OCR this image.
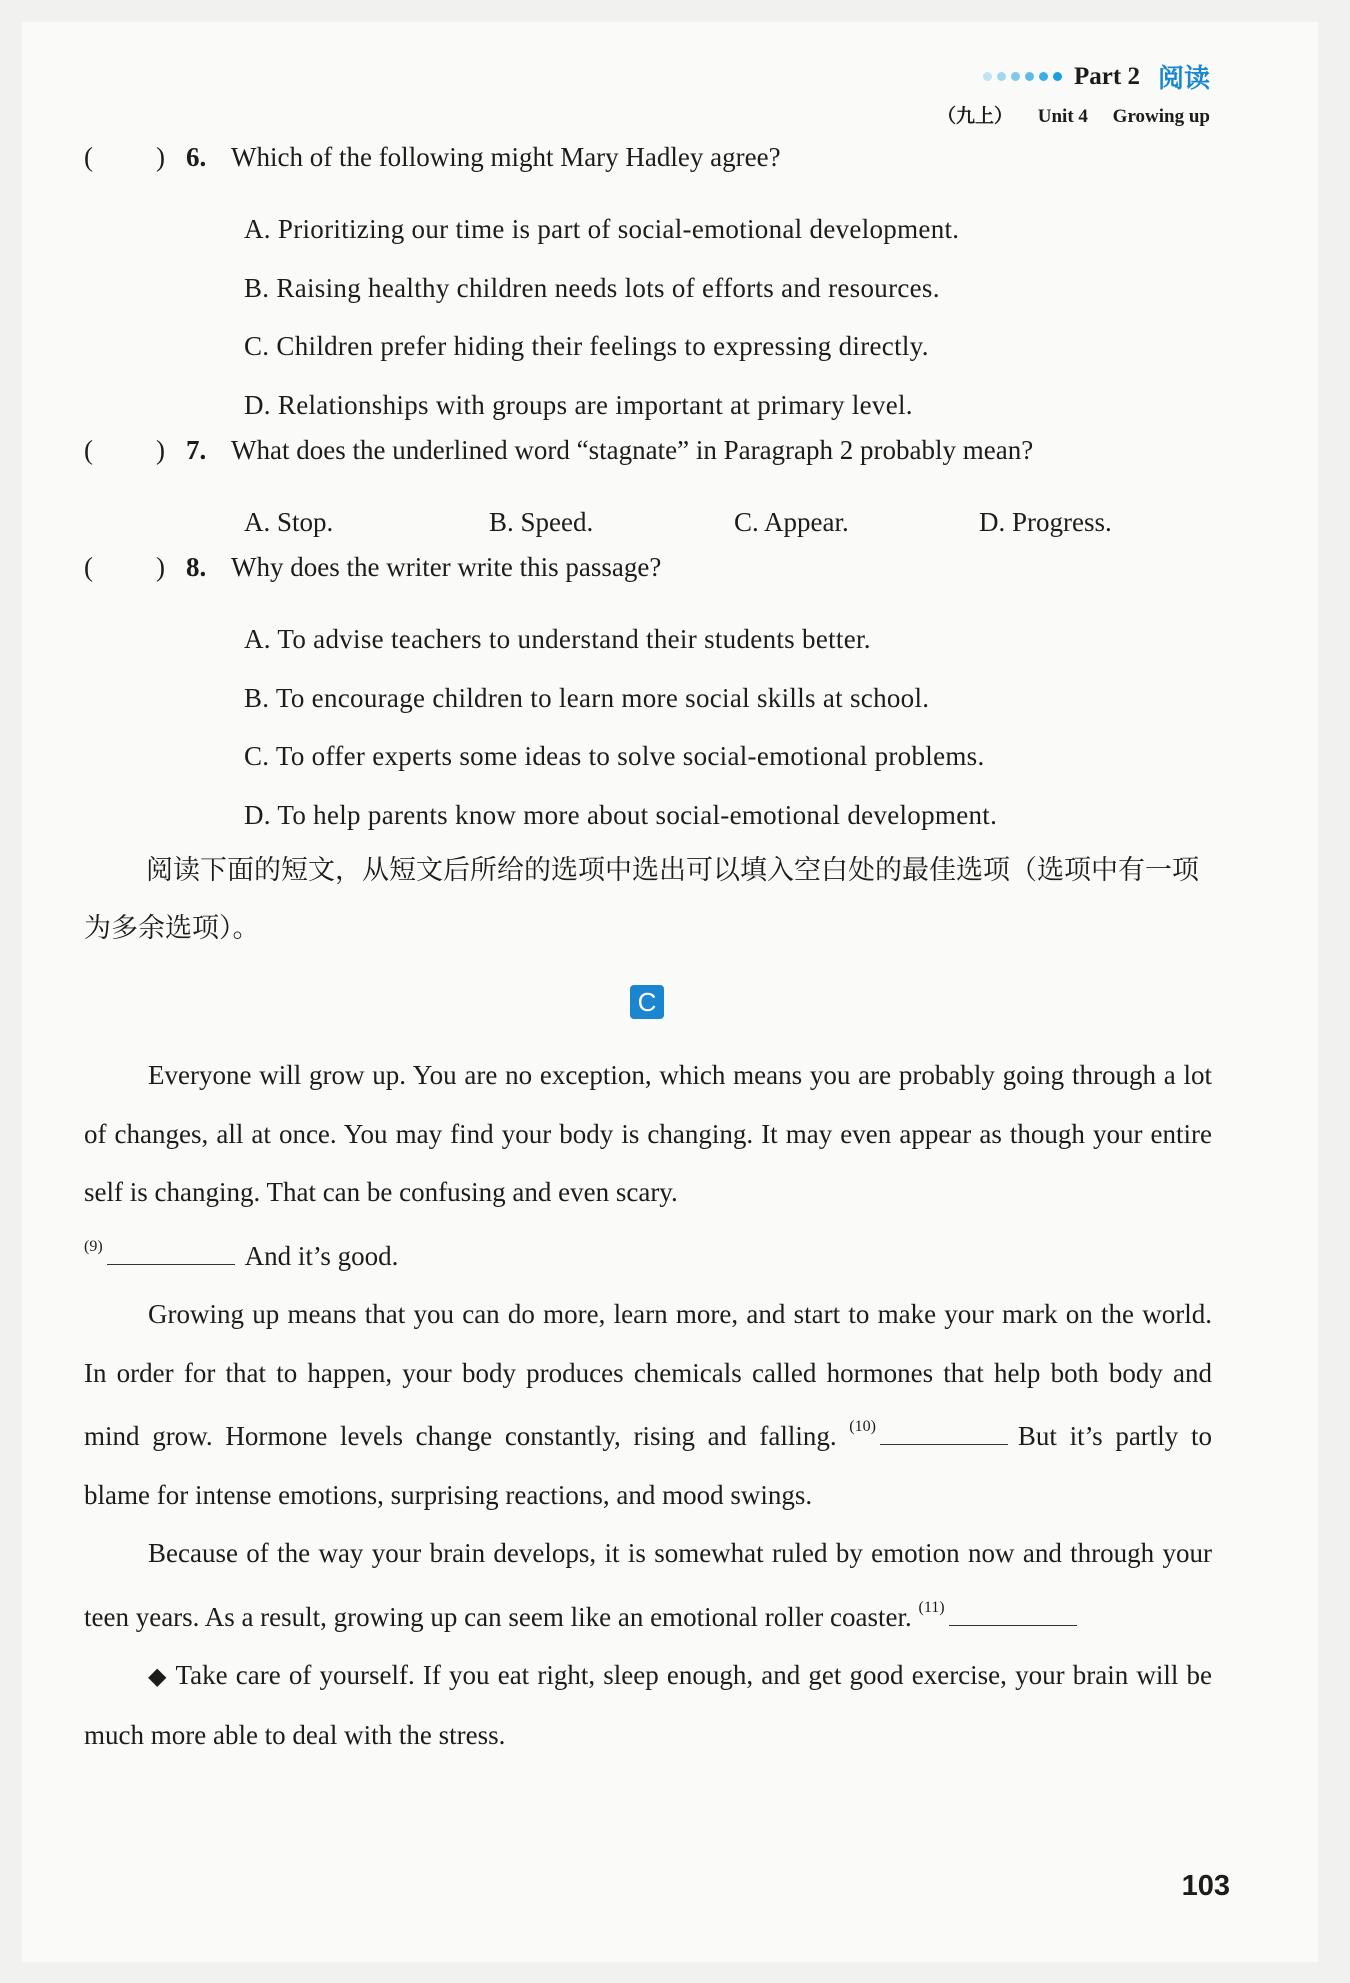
Part 2 阅读
（九上） Unit 4 Growing up
(	) 6. Which of the following might Mary Hadley agree?
A. Prioritizing our time is part of social-emotional development.
B. Raising healthy children needs lots of efforts and resources.
C. Children prefer hiding their feelings to expressing directly.
D. Relationships with groups are important at primary level.
(	) 7. What does the underlined word “stagnate” in Paragraph 2 probably mean?
A. Stop.	B. Speed.	C. Appear.	D. Progress.
(	) 8. Why does the writer write this passage?
A. To advise teachers to understand their students better.
B. To encourage children to learn more social skills at school.
C. To offer experts some ideas to solve social-emotional problems.
D. To help parents know more about social-emotional development.
阅读下面的短文，从短文后所给的选项中选出可以填入空白处的最佳选项（选项中有一项为多余选项）。
C
Everyone will grow up. You are no exception, which means you are probably going through a lot of changes, all at once. You may find your body is changing. It may even appear as though your entire self is changing. That can be confusing and even scary.
$^{(9)}$	And it’s good.
Growing up means that you can do more, learn more, and start to make your mark on the world. In order for that to happen, your body produces chemicals called hormones that help both body and mind grow. Hormone levels change constantly, rising and falling. $^{(10)}$	But it’s partly to blame for intense emotions, surprising reactions, and mood swings.
Because of the way your brain develops, it is somewhat ruled by emotion now and through your teen years. As a result, growing up can seem like an emotional roller coaster. $^{(11)}$
◆ Take care of yourself. If you eat right, sleep enough, and get good exercise, your brain will be much more able to deal with the stress.
103
